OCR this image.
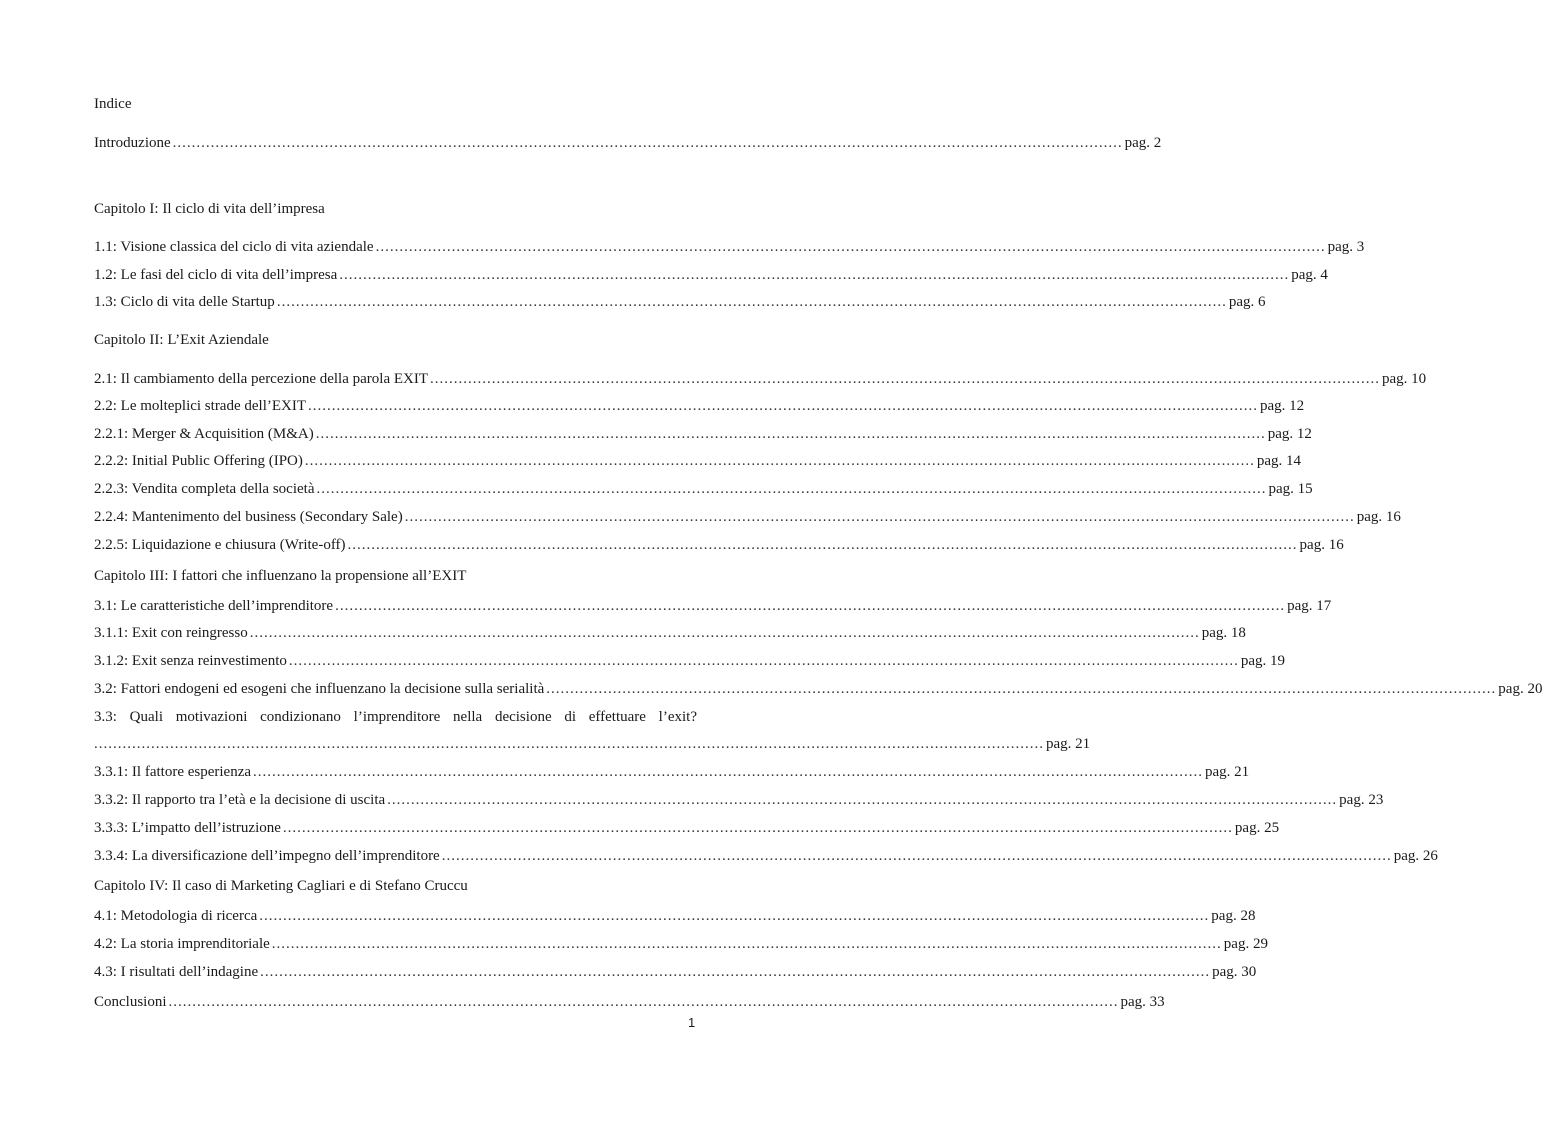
Indice
Introduzione ........................................................................................................................................................................................................ pag. 2
Capitolo I: Il ciclo di vita dell’impresa
1.1: Visione classica del ciclo di vita aziendale ........................................................................................................................................................................................................ pag. 3
1.2: Le fasi del ciclo di vita dell’impresa ........................................................................................................................................................................................................ pag. 4
1.3: Ciclo di vita delle Startup ........................................................................................................................................................................................................ pag. 6
Capitolo II: L’Exit Aziendale
2.1: Il cambiamento della percezione della parola EXIT ........................................................................................................................................................................................................ pag. 10
2.2: Le molteplici strade dell’EXIT ........................................................................................................................................................................................................ pag. 12
2.2.1: Merger & Acquisition (M&A) ........................................................................................................................................................................................................ pag. 12
2.2.2: Initial Public Offering (IPO) ........................................................................................................................................................................................................ pag. 14
2.2.3: Vendita completa della società ........................................................................................................................................................................................................ pag. 15
2.2.4: Mantenimento del business (Secondary Sale) ........................................................................................................................................................................................................ pag. 16
2.2.5: Liquidazione e chiusura (Write-off) ........................................................................................................................................................................................................ pag. 16
Capitolo III: I fattori che influenzano la propensione all’EXIT
3.1: Le caratteristiche dell’imprenditore ........................................................................................................................................................................................................ pag. 17
3.1.1: Exit con reingresso ........................................................................................................................................................................................................ pag. 18
3.1.2: Exit senza reinvestimento ........................................................................................................................................................................................................ pag. 19
3.2: Fattori endogeni ed esogeni che influenzano la decisione sulla serialità ........................................................................................................................................................................................................ pag. 20
3.3: Quali motivazioni condizionano l’imprenditore nella decisione di effettuare l’exit?
........................................................................................................................................................................................................ pag. 21
3.3.1: Il fattore esperienza ........................................................................................................................................................................................................ pag. 21
3.3.2: Il rapporto tra l’età e la decisione di uscita ........................................................................................................................................................................................................ pag. 23
3.3.3: L’impatto dell’istruzione ........................................................................................................................................................................................................ pag. 25
3.3.4: La diversificazione dell’impegno dell’imprenditore ........................................................................................................................................................................................................ pag. 26
Capitolo IV: Il caso di Marketing Cagliari e di Stefano Cruccu
4.1: Metodologia di ricerca ........................................................................................................................................................................................................ pag. 28
4.2: La storia imprenditoriale ........................................................................................................................................................................................................ pag. 29
4.3: I risultati dell’indagine ........................................................................................................................................................................................................ pag. 30
Conclusioni ........................................................................................................................................................................................................ pag. 33
1
